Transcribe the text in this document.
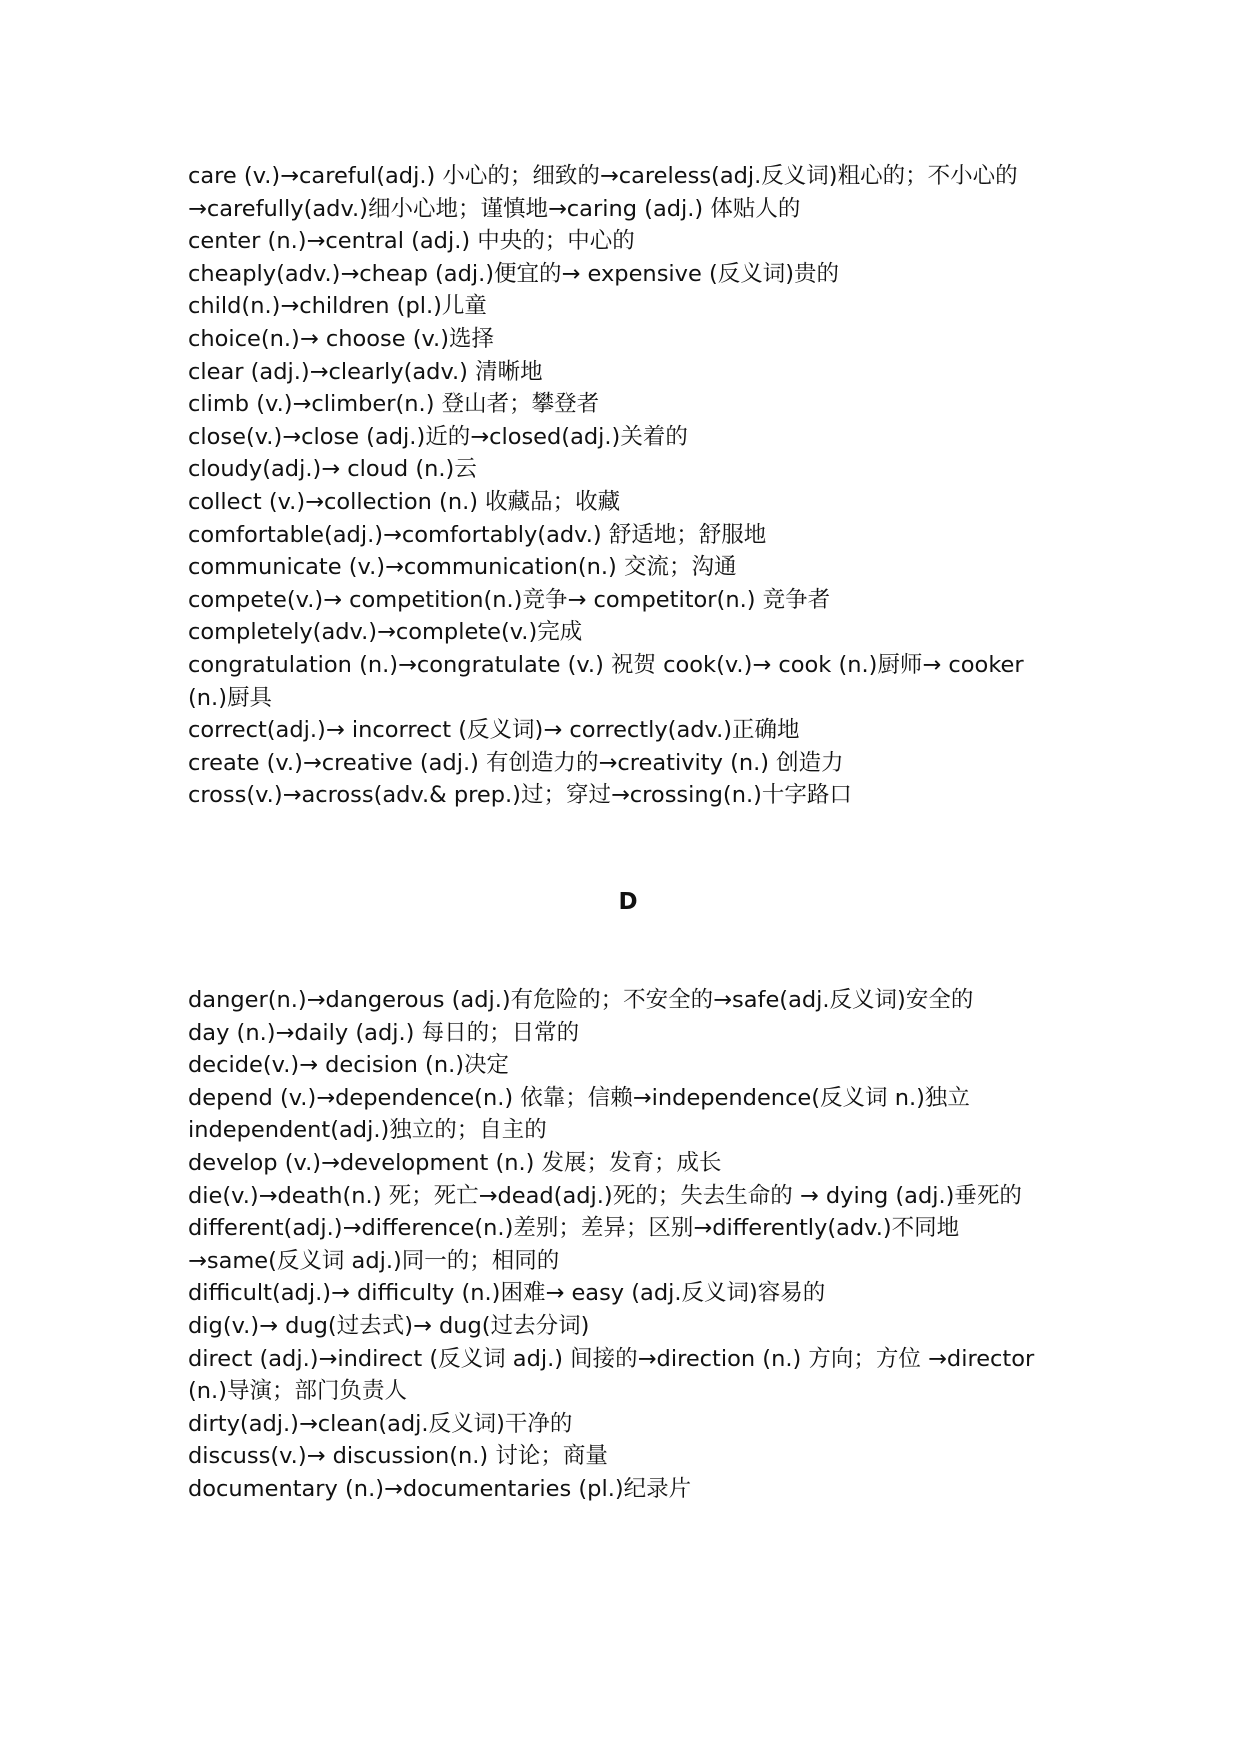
care (v.)→careful(adj.) 小心的；细致的→careless(adj.反义词)粗心的；不小心的→carefully(adv.)细小心地；谨慎地→caring (adj.) 体贴人的
center (n.)→central (adj.) 中央的；中心的
cheaply(adv.)→cheap (adj.)便宜的→ expensive (反义词)贵的
child(n.)→children (pl.)儿童
choice(n.)→ choose (v.)选择
clear (adj.)→clearly(adv.) 清晰地
climb (v.)→climber(n.) 登山者；攀登者
close(v.)→close (adj.)近的→closed(adj.)关着的
cloudy(adj.)→ cloud (n.)云
collect (v.)→collection (n.) 收藏品；收藏
comfortable(adj.)→comfortably(adv.) 舒适地；舒服地
communicate (v.)→communication(n.) 交流；沟通
compete(v.)→ competition(n.)竞争→ competitor(n.) 竞争者
completely(adv.)→complete(v.)完成
congratulation (n.)→congratulate (v.) 祝贺 cook(v.)→ cook (n.)厨师→ cooker (n.)厨具
correct(adj.)→ incorrect (反义词)→ correctly(adv.)正确地
create (v.)→creative (adj.) 有创造力的→creativity (n.) 创造力
cross(v.)→across(adv.& prep.)过；穿过→crossing(n.)十字路口
D
danger(n.)→dangerous (adj.)有危险的；不安全的→safe(adj.反义词)安全的
day (n.)→daily (adj.) 每日的；日常的
decide(v.)→ decision (n.)决定
depend (v.)→dependence(n.) 依靠；信赖→independence(反义词 n.)独立independent(adj.)独立的；自主的
develop (v.)→development (n.) 发展；发育；成长
die(v.)→death(n.) 死；死亡→dead(adj.)死的；失去生命的 → dying (adj.)垂死的
different(adj.)→difference(n.)差别；差异；区别→differently(adv.)不同地→same(反义词 adj.)同一的；相同的
difficult(adj.)→ difficulty (n.)困难→ easy (adj.反义词)容易的
dig(v.)→ dug(过去式)→ dug(过去分词)
direct (adj.)→indirect (反义词 adj.) 间接的→direction (n.) 方向；方位 →director (n.)导演；部门负责人
dirty(adj.)→clean(adj.反义词)干净的
discuss(v.)→ discussion(n.) 讨论；商量
documentary (n.)→documentaries (pl.)纪录片
